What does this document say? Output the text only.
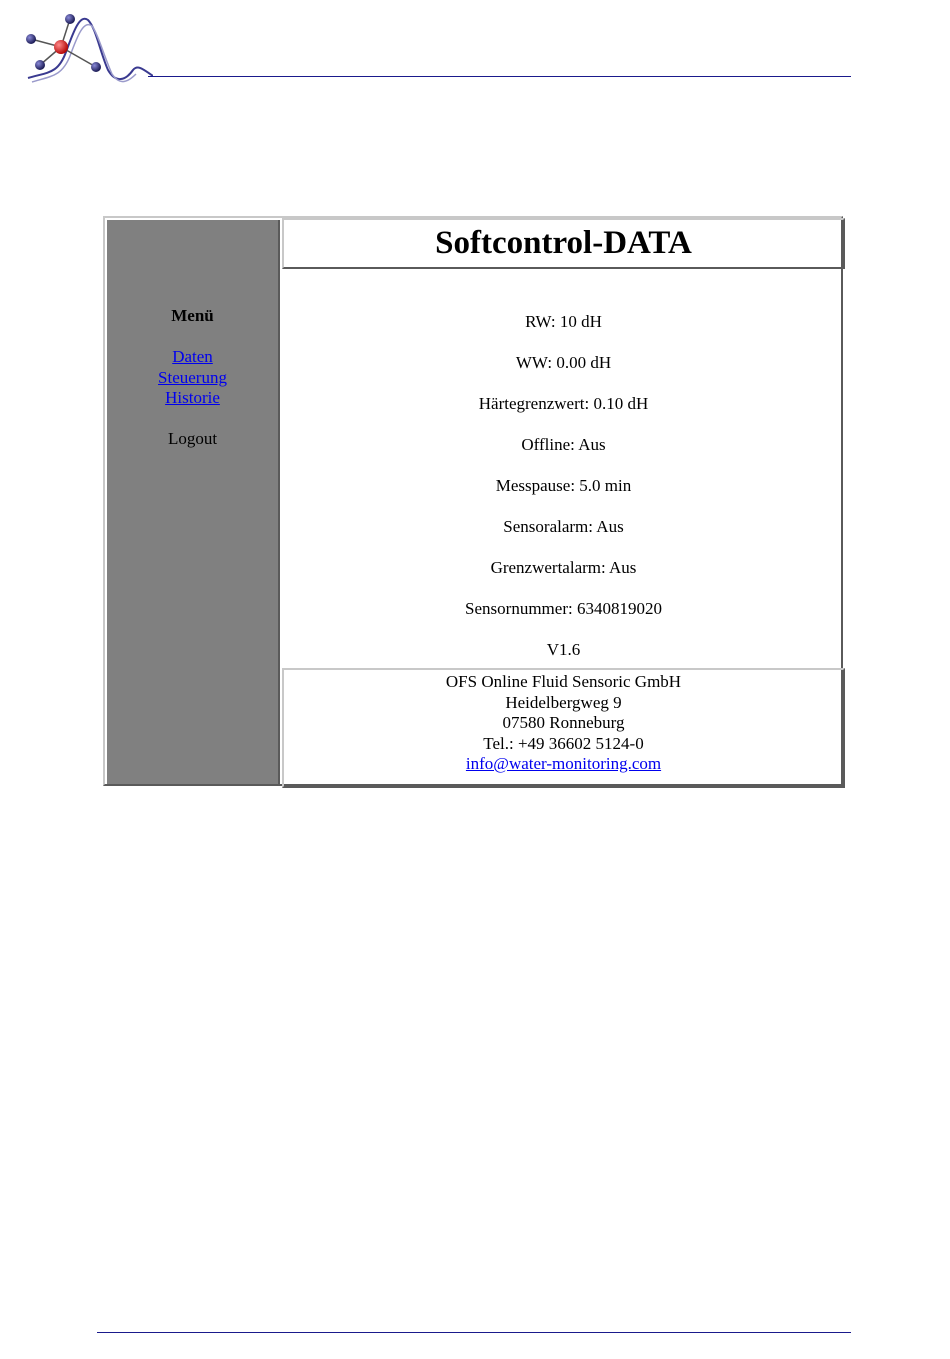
Menü
Daten
Steuerung
Historie
Logout
Softcontrol-DATA
RW: 10 dH
WW: 0.00 dH
Härtegrenzwert: 0.10 dH
Offline: Aus
Messpause: 5.0 min
Sensoralarm: Aus
Grenzwertalarm: Aus
Sensornummer: 6340819020
V1.6
OFS Online Fluid Sensoric GmbH
Heidelbergweg 9
07580 Ronneburg
Tel.: +49 36602 5124-0
info@water-monitoring.com
